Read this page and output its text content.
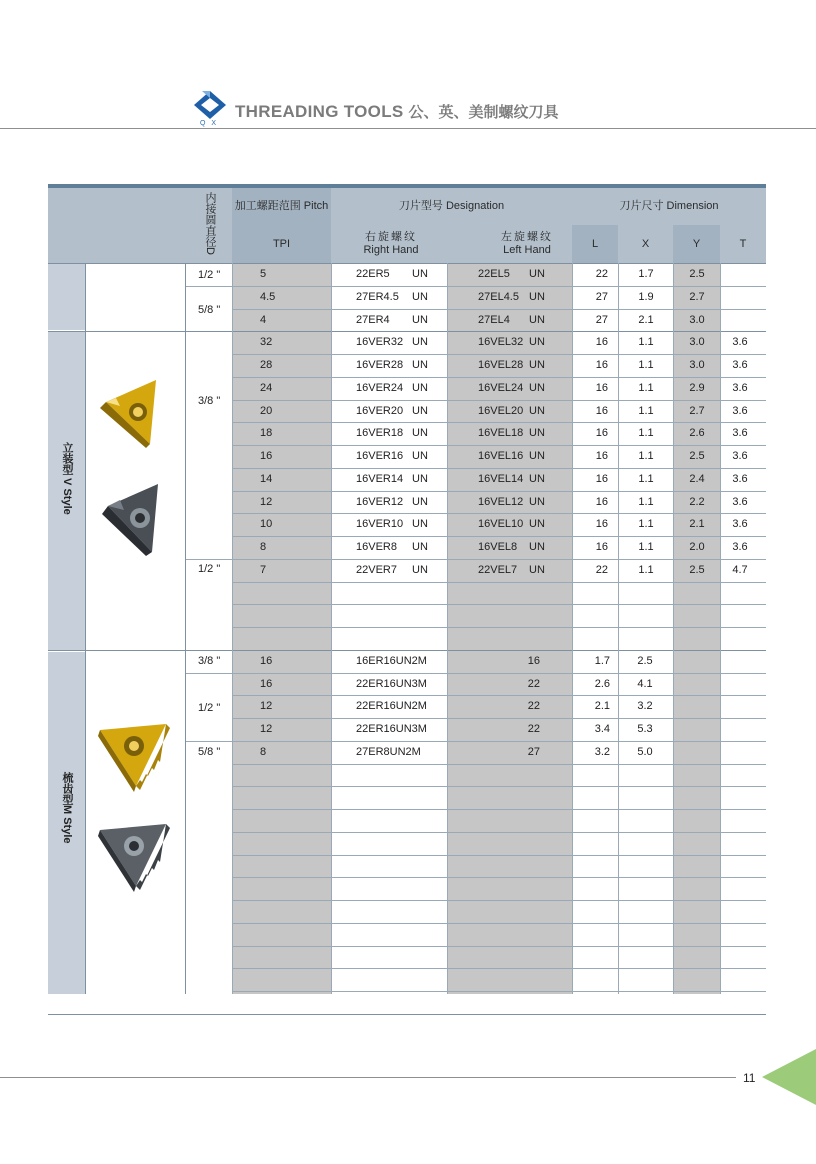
Q X
THREADING TOOLS 公、英、美制螺纹刀具
内接圆直径D 加工螺距范围 Pitch
TPI
刀片型号 Designation
右旋螺纹
Right Hand
左旋螺纹
Left Hand
刀片尺寸 Dimension
L	X	Y	T
立装型 V Style
梳齿型M Style
1/2 "
5/8 "
3/8 "
1/2 "
3/8 "
1/2 "
5/8 "
5	22ER5 UN	22EL5 UN	22	1.7	2.5
4.5	27ER4.5 UN	27EL4.5 UN	27	1.9	2.7
4	27ER4 UN	27EL4 UN	27	2.1	3.0
32	16VER32 UN	16VEL32 UN	16	1.1	3.0	3.6
28	16VER28 UN	16VEL28 UN	16	1.1	3.0	3.6
24	16VER24 UN	16VEL24 UN	16	1.1	2.9	3.6
20	16VER20 UN	16VEL20 UN	16	1.1	2.7	3.6
18	16VER18 UN	16VEL18 UN	16	1.1	2.6	3.6
16	16VER16 UN	16VEL16 UN	16	1.1	2.5	3.6
14	16VER14 UN	16VEL14 UN	16	1.1	2.4	3.6
12	16VER12 UN	16VEL12 UN	16	1.1	2.2	3.6
10	16VER10 UN	16VEL10 UN	16	1.1	2.1	3.6
8	16VER8 UN	16VEL8 UN	16	1.1	2.0	3.6
7	22VER7 UN	22VEL7 UN	22	1.1	2.5	4.7
16	16ER16UN2M	16	1.7	2.5
16	22ER16UN3M	22	2.6	4.1
12	22ER16UN2M	22	2.1	3.2
12	22ER16UN3M	22	3.4	5.3
8	27ER8UN2M	27	3.2	5.0
11
